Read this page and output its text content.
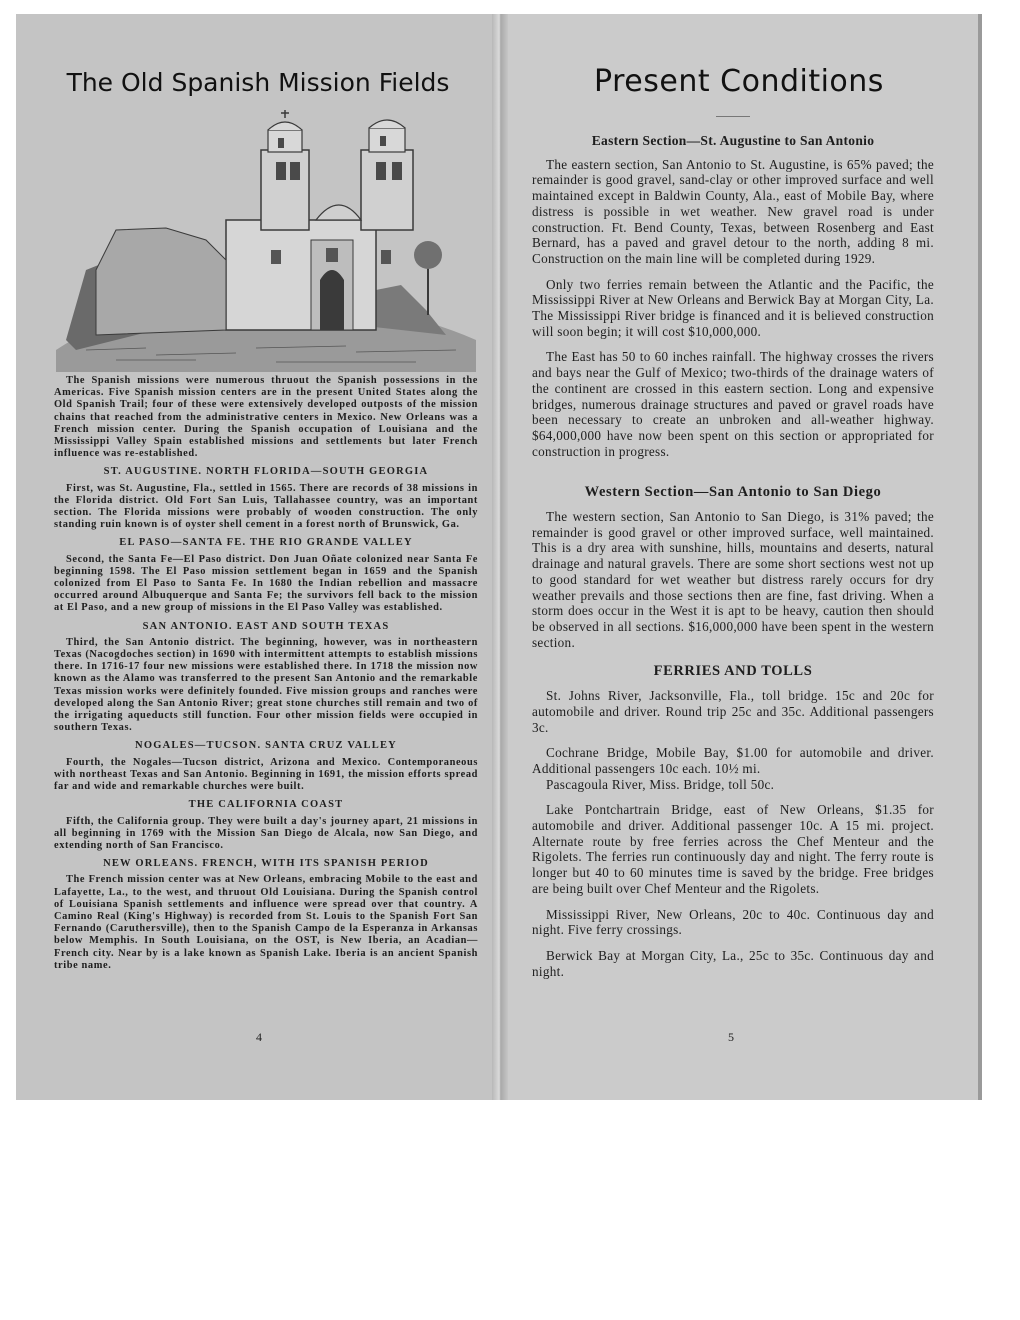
The Old Spanish Mission Fields

The Spanish missions were numerous thruout the Spanish possessions in the Americas. Five Spanish mission centers are in the present United States along the Old Spanish Trail; four of these were extensively developed outposts of the mission chains that reached from the administrative centers in Mexico. New Orleans was a French mission center. During the Spanish occupation of Louisiana and the Mississippi Valley Spain established missions and settlements but later French influence was re-established.

ST. AUGUSTINE. NORTH FLORIDA—SOUTH GEORGIA

First, was St. Augustine, Fla., settled in 1565. There are records of 38 missions in the Florida district. Old Fort San Luis, Tallahassee country, was an important section. The Florida missions were probably of wooden construction. The only standing ruin known is of oyster shell cement in a forest north of Brunswick, Ga.

EL PASO—SANTA FE. THE RIO GRANDE VALLEY

Second, the Santa Fe—El Paso district. Don Juan Oñate colonized near Santa Fe beginning 1598. The El Paso mission settlement began in 1659 and the Spanish colonized from El Paso to Santa Fe. In 1680 the Indian rebellion and massacre occurred around Albuquerque and Santa Fe; the survivors fell back to the mission at El Paso, and a new group of missions in the El Paso Valley was established.

SAN ANTONIO. EAST AND SOUTH TEXAS

Third, the San Antonio district. The beginning, however, was in northeastern Texas (Nacogdoches section) in 1690 with intermittent attempts to establish missions there. In 1716-17 four new missions were established there. In 1718 the mission now known as the Alamo was transferred to the present San Antonio and the remarkable Texas mission works were definitely founded. Five mission groups and ranches were developed along the San Antonio River; great stone churches still remain and two of the irrigating aqueducts still function. Four other mission fields were occupied in southern Texas.

NOGALES—TUCSON. SANTA CRUZ VALLEY

Fourth, the Nogales—Tucson district, Arizona and Mexico. Contemporaneous with northeast Texas and San Antonio. Beginning in 1691, the mission efforts spread far and wide and remarkable churches were built.

THE CALIFORNIA COAST

Fifth, the California group. They were built a day's journey apart, 21 missions in all beginning in 1769 with the Mission San Diego de Alcala, now San Diego, and extending north of San Francisco.

NEW ORLEANS. FRENCH, WITH ITS SPANISH PERIOD

The French mission center was at New Orleans, embracing Mobile to the east and Lafayette, La., to the west, and thruout Old Louisiana. During the Spanish control of Louisiana Spanish settlements and influence were spread over that country. A Camino Real (King's Highway) is recorded from St. Louis to the Spanish Fort San Fernando (Caruthersville), then to the Spanish Campo de la Esperanza in Arkansas below Memphis. In South Louisiana, on the OST, is New Iberia, an Acadian—French city. Near by is a lake known as Spanish Lake. Iberia is an ancient Spanish tribe name.

4
Present Conditions
Eastern Section—St. Augustine to San Antonio

The eastern section, San Antonio to St. Augustine, is 65% paved; the remainder is good gravel, sand-clay or other improved surface and well maintained except in Baldwin County, Ala., east of Mobile Bay, where distress is possible in wet weather. New gravel road is under construction. Ft. Bend County, Texas, between Rosenberg and East Bernard, has a paved and gravel detour to the north, adding 8 mi. Construction on the main line will be completed during 1929.

Only two ferries remain between the Atlantic and the Pacific, the Mississippi River at New Orleans and Berwick Bay at Morgan City, La. The Mississippi River bridge is financed and it is believed construction will soon begin; it will cost $10,000,000.

The East has 50 to 60 inches rainfall. The highway crosses the rivers and bays near the Gulf of Mexico; two-thirds of the drainage waters of the continent are crossed in this eastern section. Long and expensive bridges, numerous drainage structures and paved or gravel roads have been necessary to create an unbroken and all-weather highway. $64,000,000 have now been spent on this section or appropriated for construction in progress.

Western Section—San Antonio to San Diego

The western section, San Antonio to San Diego, is 31% paved; the remainder is good gravel or other improved surface, well maintained. This is a dry area with sunshine, hills, mountains and deserts, natural drainage and natural gravels. There are some short sections west not up to good standard for wet weather but distress rarely occurs for dry weather prevails and those sections then are fine, fast driving. When a storm does occur in the West it is apt to be heavy, caution then should be observed in all sections. $16,000,000 have been spent in the western section.

FERRIES AND TOLLS

St. Johns River, Jacksonville, Fla., toll bridge. 15c and 20c for automobile and driver. Round trip 25c and 35c. Additional passengers 3c.

Cochrane Bridge, Mobile Bay, $1.00 for automobile and driver. Additional passengers 10c each. 10½ mi.

Pascagoula River, Miss. Bridge, toll 50c.

Lake Pontchartrain Bridge, east of New Orleans, $1.35 for automobile and driver. Additional passenger 10c. A 15 mi. project. Alternate route by free ferries across the Chef Menteur and the Rigolets. The ferries run continuously day and night. The ferry route is longer but 40 to 60 minutes time is saved by the bridge. Free bridges are being built over Chef Menteur and the Rigolets.

Mississippi River, New Orleans, 20c to 40c. Continuous day and night. Five ferry crossings.

Berwick Bay at Morgan City, La., 25c to 35c. Continuous day and night.

5
